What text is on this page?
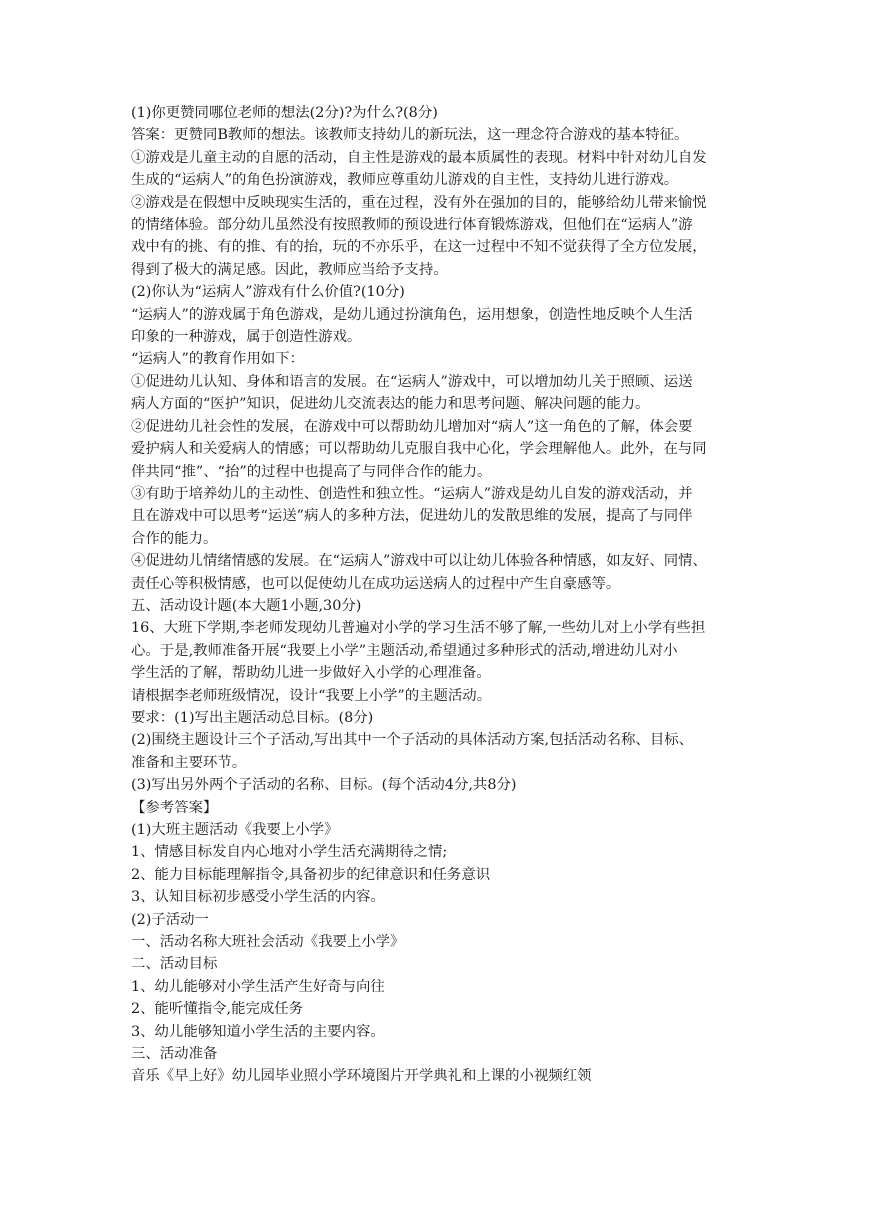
(1)你更赞同哪位老师的想法(2分)?为什么?(8分)
答案：更赞同B教师的想法。该教师支持幼儿的新玩法，这一理念符合游戏的基本特征。
①游戏是儿童主动的自愿的活动，自主性是游戏的最本质属性的表现。材料中针对幼儿自发
生成的“运病人”的角色扮演游戏，教师应尊重幼儿游戏的自主性，支持幼儿进行游戏。
②游戏是在假想中反映现实生活的，重在过程，没有外在强加的目的，能够给幼儿带来愉悦
的情绪体验。部分幼儿虽然没有按照教师的预设进行体育锻炼游戏，但他们在“运病人”游
戏中有的挑、有的推、有的抬，玩的不亦乐乎，在这一过程中不知不觉获得了全方位发展，
得到了极大的满足感。因此，教师应当给予支持。
(2)你认为“运病人”游戏有什么价值?(10分)
“运病人”的游戏属于角色游戏，是幼儿通过扮演角色，运用想象，创造性地反映个人生活
印象的一种游戏，属于创造性游戏。
“运病人”的教育作用如下：
①促进幼儿认知、身体和语言的发展。在“运病人”游戏中，可以增加幼儿关于照顾、运送
病人方面的“医护”知识，促进幼儿交流表达的能力和思考问题、解决问题的能力。
②促进幼儿社会性的发展，在游戏中可以帮助幼儿增加对“病人”这一角色的了解，体会要
爱护病人和关爱病人的情感；可以帮助幼儿克服自我中心化，学会理解他人。此外，在与同
伴共同“推”、“抬”的过程中也提高了与同伴合作的能力。
③有助于培养幼儿的主动性、创造性和独立性。“运病人”游戏是幼儿自发的游戏活动，并
且在游戏中可以思考“运送”病人的多种方法，促进幼儿的发散思维的发展，提高了与同伴
合作的能力。
④促进幼儿情绪情感的发展。在“运病人”游戏中可以让幼儿体验各种情感，如友好、同情、
责任心等积极情感，也可以促使幼儿在成功运送病人的过程中产生自豪感等。
五、活动设计题(本大题1小题,30分)
16、大班下学期,李老师发现幼儿普遍对小学的学习生活不够了解,一些幼儿对上小学有些担
心。于是,教师准备开展“我要上小学”主题活动,希望通过多种形式的活动,增进幼儿对小
学生活的了解，帮助幼儿进一步做好入小学的心理准备。
请根据李老师班级情况，设计“我要上小学”的主题活动。
要求：(1)写出主题活动总目标。(8分)
(2)围绕主题设计三个子活动,写出其中一个子活动的具体活动方案,包括活动名称、目标、
准备和主要环节。
(3)写出另外两个子活动的名称、目标。(每个活动4分,共8分)
【参考答案】
(1)大班主题活动《我要上小学》
1、情感目标发自内心地对小学生活充满期待之情;
2、能力目标能理解指令,具备初步的纪律意识和任务意识
3、认知目标初步感受小学生活的内容。
(2)子活动一
一、活动名称大班社会活动《我要上小学》
二、活动目标
1、幼儿能够对小学生活产生好奇与向往
2、能听懂指令,能完成任务
3、幼儿能够知道小学生活的主要内容。
三、活动准备
音乐《早上好》幼儿园毕业照小学环境图片开学典礼和上课的小视频红领
